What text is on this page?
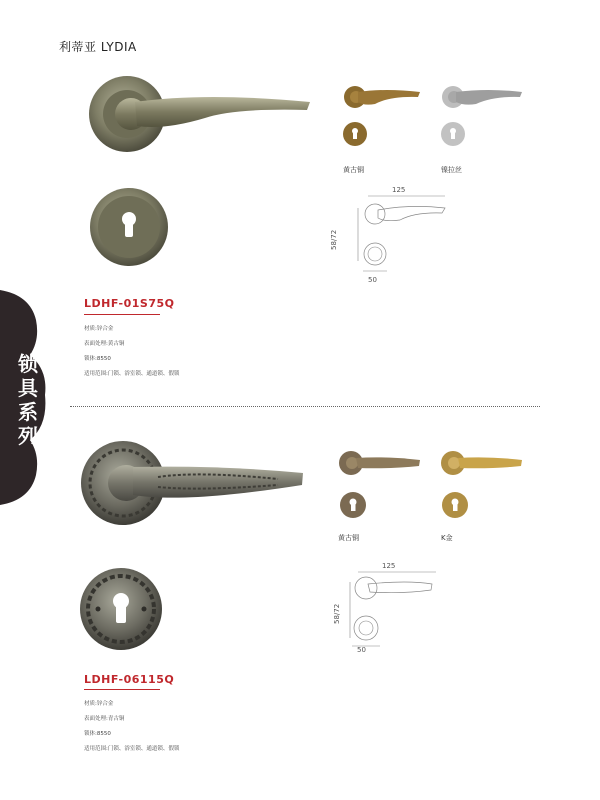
利蒂亚 LYDIA
锁
具
系
列
黄古铜	镍拉丝
125
58/72
50
LDHF-01S75Q
材质:锌合金
表面处理:黄古铜
锁体:8550
适用范围:门锁、浴室锁、通道锁、假锁
黄古铜	K金
125
58/72
50
LDHF-06115Q
材质:锌合金
表面处理:青古铜
锁体:8550
适用范围:门锁、浴室锁、通道锁、假锁
